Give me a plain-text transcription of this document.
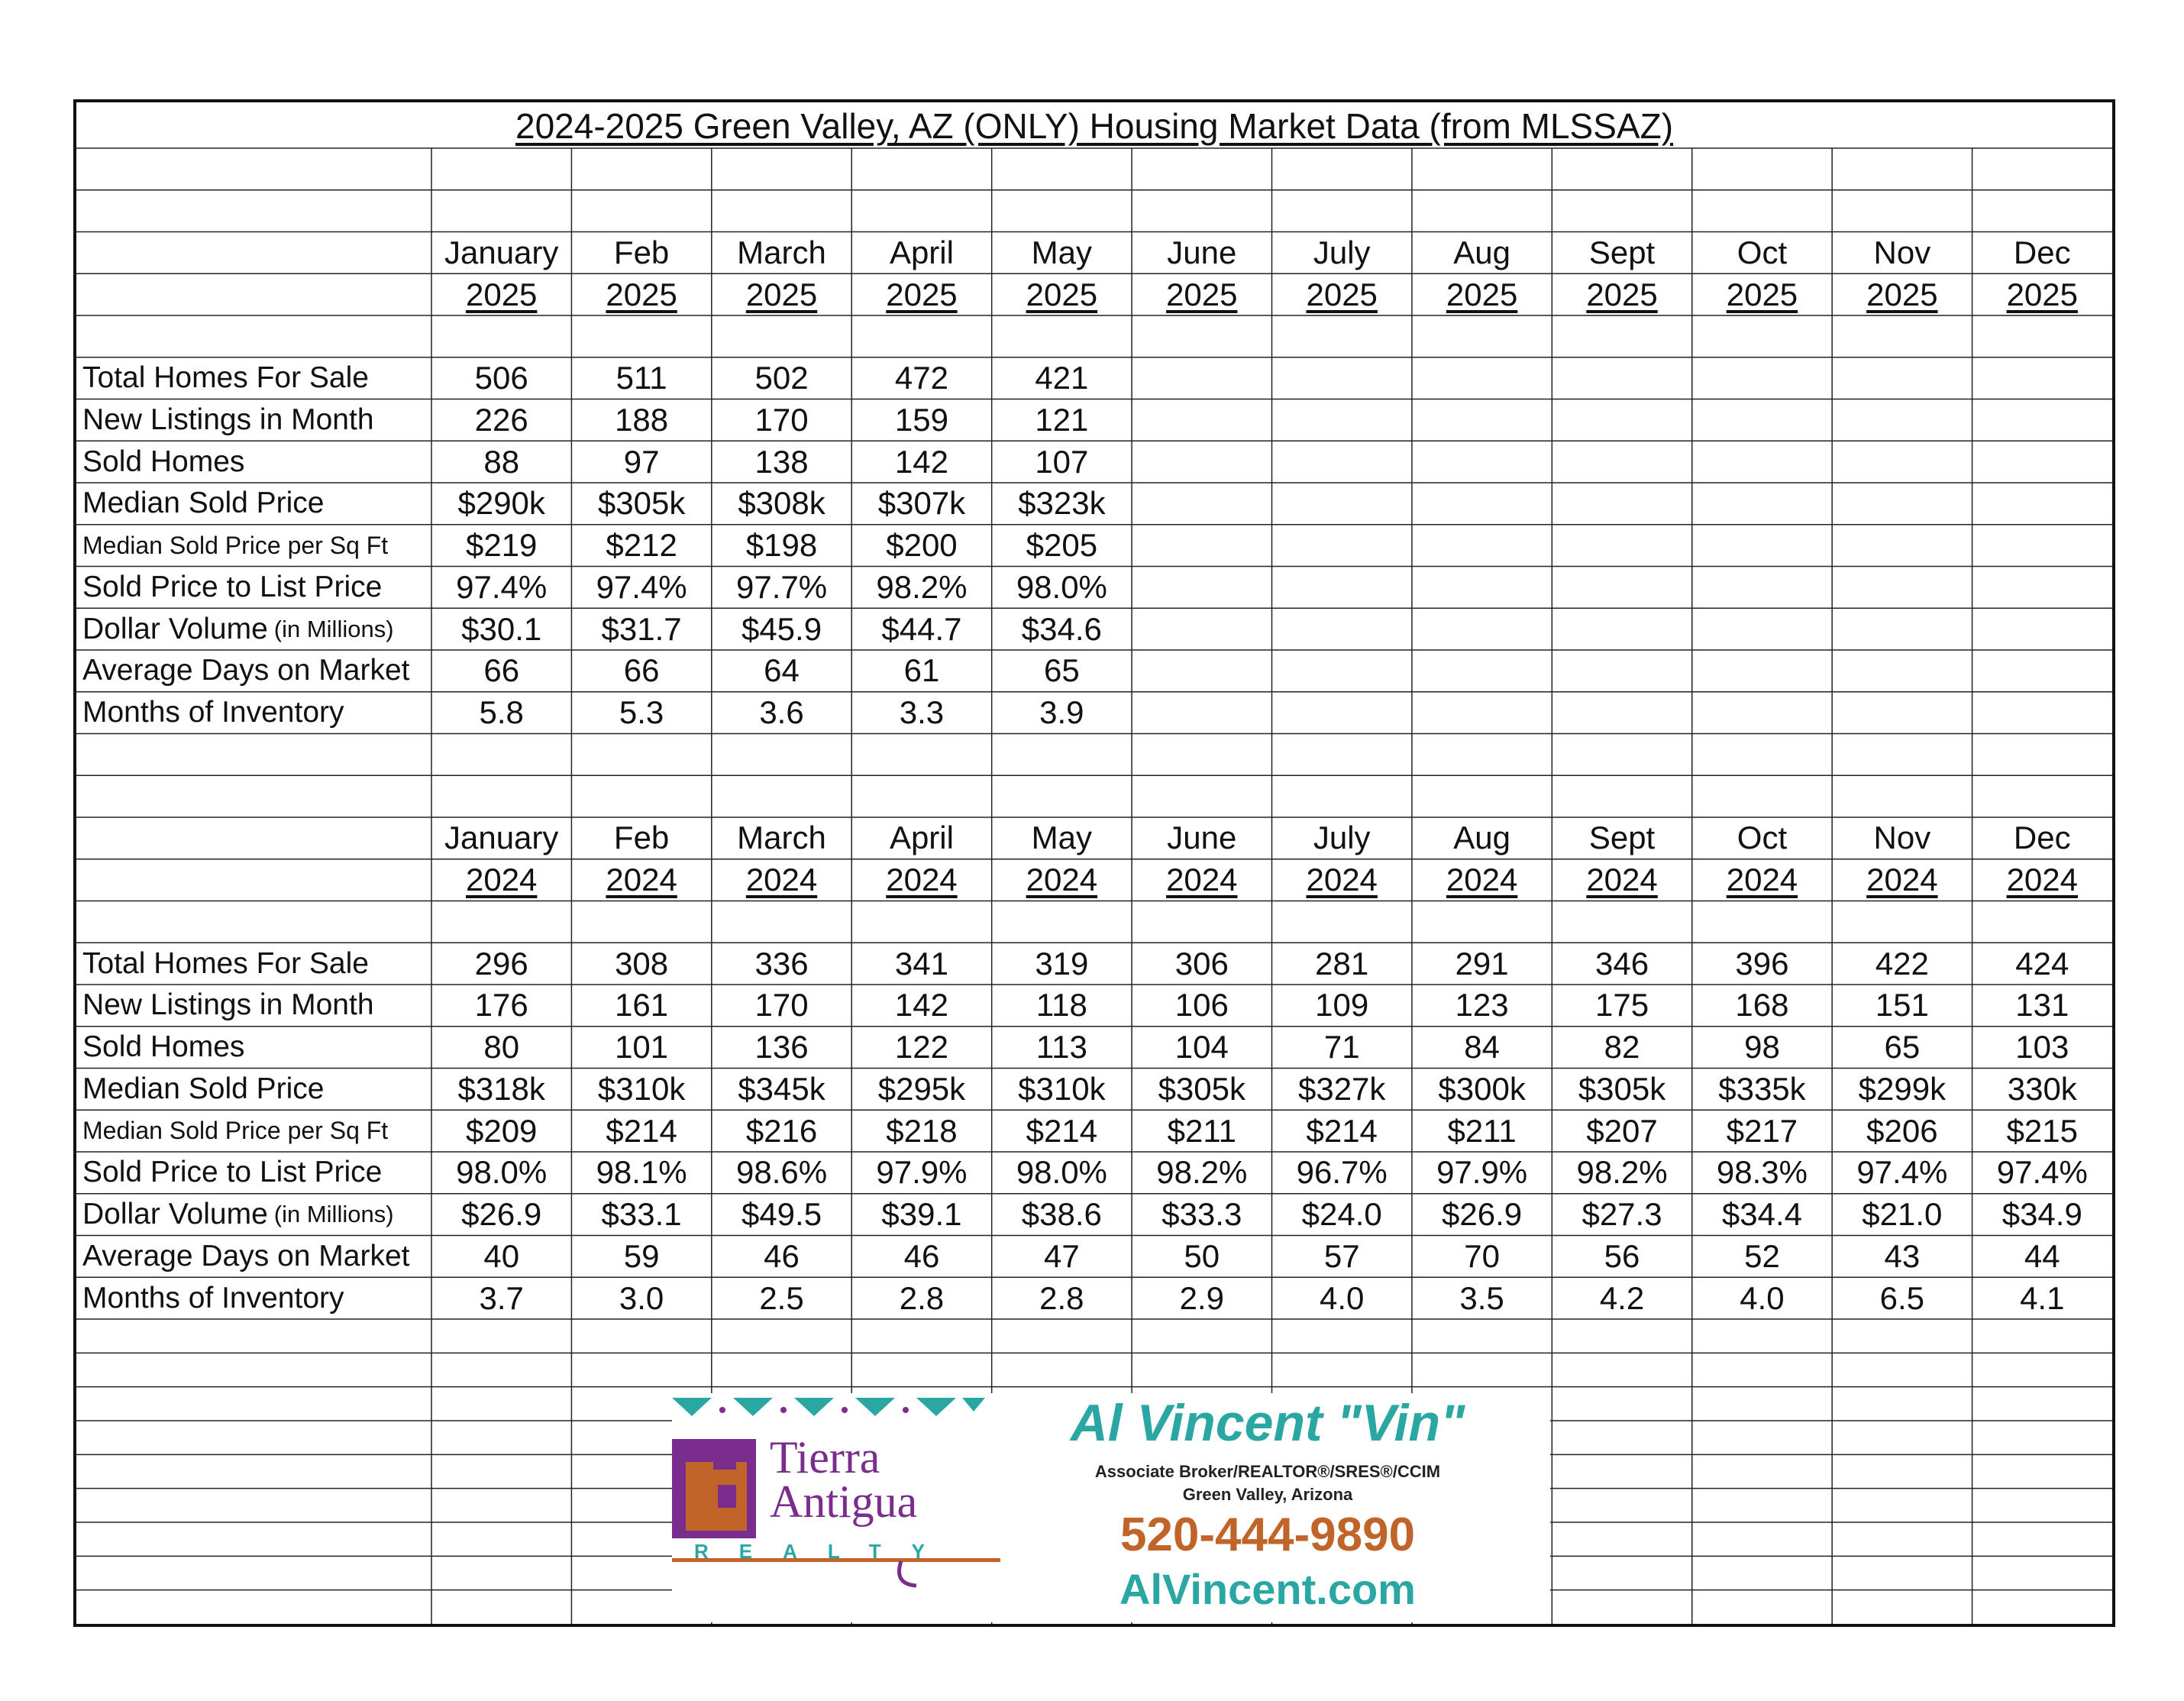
2024-2025 Green Valley, AZ (ONLY) Housing Market Data (from MLSSAZ)
January	Feb	March	April	May	June	July	Aug	Sept	Oct	Nov	Dec
2025 2025 2025 2025 2025 2025 2025 2025 2025 2025 2025 2025
Total Homes For Sale	506	511	502	472	421
New Listings in Month	226	188	170	159	121
Sold Homes	88	97	138	142	107
Median Sold Price	$290k	$305k	$308k	$307k	$323k
Median Sold Price per Sq Ft	$219	$212	$198	$200	$205
Sold Price to List Price	97.4%	97.4%	97.7%	98.2%	98.0%
Dollar Volume (in Millions)	$30.1	$31.7	$45.9	$44.7	$34.6
Average Days on Market	66	66	64	61	65
Months of Inventory	5.8	5.3	3.6	3.3	3.9
January	Feb	March	April	May	June	July	Aug	Sept	Oct	Nov	Dec
2024 2024 2024 2024 2024 2024 2024 2024 2024 2024 2024 2024
Total Homes For Sale	296	308	336	341	319	306	281	291	346	396	422	424
New Listings in Month	176	161	170	142	118	106	109	123	175	168	151	131
Sold Homes	80	101	136	122	113	104	71	84	82	98	65	103
Median Sold Price	$318k	$310k	$345k	$295k	$310k	$305k	$327k	$300k	$305k	$335k	$299k	330k
Median Sold Price per Sq Ft	$209	$214	$216	$218	$214	$211	$214	$211	$207	$217	$206	$215
Sold Price to List Price	98.0%	98.1%	98.6%	97.9%	98.0%	98.2%	96.7%	97.9%	98.2%	98.3%	97.4%	97.4%
Dollar Volume (in Millions)	$26.9	$33.1	$49.5	$39.1	$38.6	$33.3	$24.0	$26.9	$27.3	$34.4	$21.0	$34.9
Average Days on Market	40	59	46	46	47	50	57	70	56	52	43	44
Months of Inventory	3.7	3.0	2.5	2.8	2.8	2.9	4.0	3.5	4.2	4.0	6.5	4.1
Tierra
Antigua
REALTY
Al Vincent "Vin"
Associate Broker/REALTOR®/SRES®/CCIM
Green Valley, Arizona
520-444-9890
AlVincent.com
